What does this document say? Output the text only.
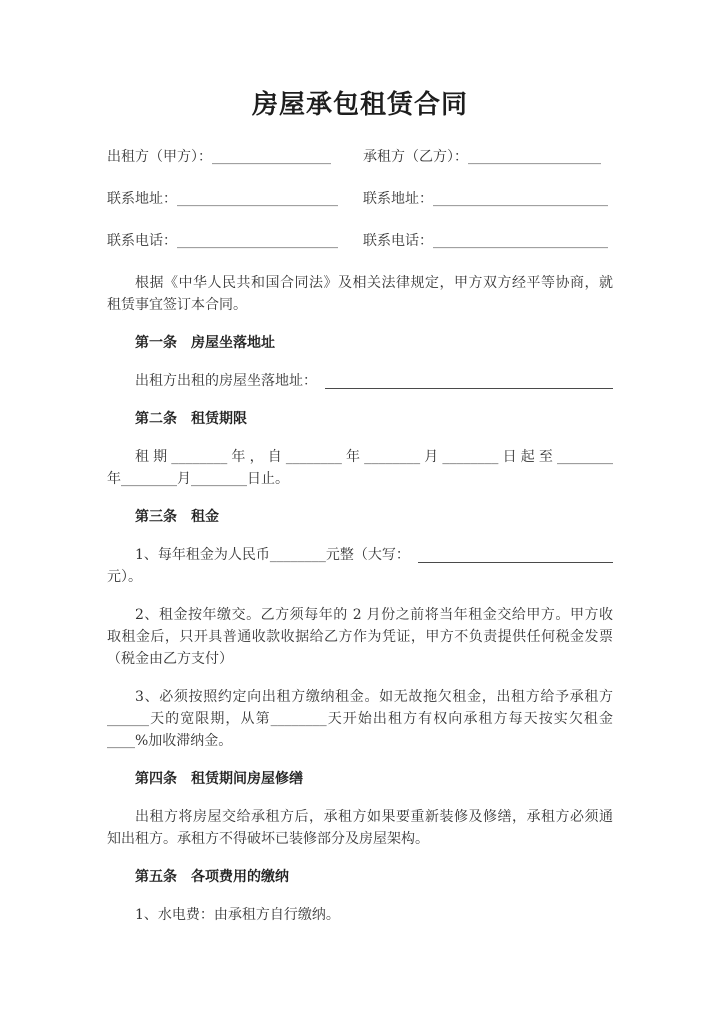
房屋承包租赁合同
出租方（甲方）：_________________	承租方（乙方）：___________________
联系地址：_______________________	联系地址：_________________________
联系电话：_______________________	联系电话：_________________________
根据《中华人民共和国合同法》及相关法律规定，甲方双方经平等协商，就
租赁事宜签订本合同。
第一条 房屋坐落地址
出租方出租的房屋坐落地址：
第二条 租赁期限
租期________年，自________年________月________日起至________
年________月________日止。
第三条 租金
1、每年租金为人民币________元整（大写：
元）。
2、租金按年缴交。乙方须每年的 2 月份之前将当年租金交给甲方。甲方收
取租金后，只开具普通收款收据给乙方作为凭证，甲方不负责提供任何税金发票
（税金由乙方支付）
3、必须按照约定向出租方缴纳租金。如无故拖欠租金，出租方给予承租方
______天的宽限期，从第________天开始出租方有权向承租方每天按实欠租金
____%加收滞纳金。
第四条 租赁期间房屋修缮
出租方将房屋交给承租方后，承租方如果要重新装修及修缮，承租方必须通
知出租方。承租方不得破坏已装修部分及房屋架构。
第五条 各项费用的缴纳
1、水电费：由承租方自行缴纳。
